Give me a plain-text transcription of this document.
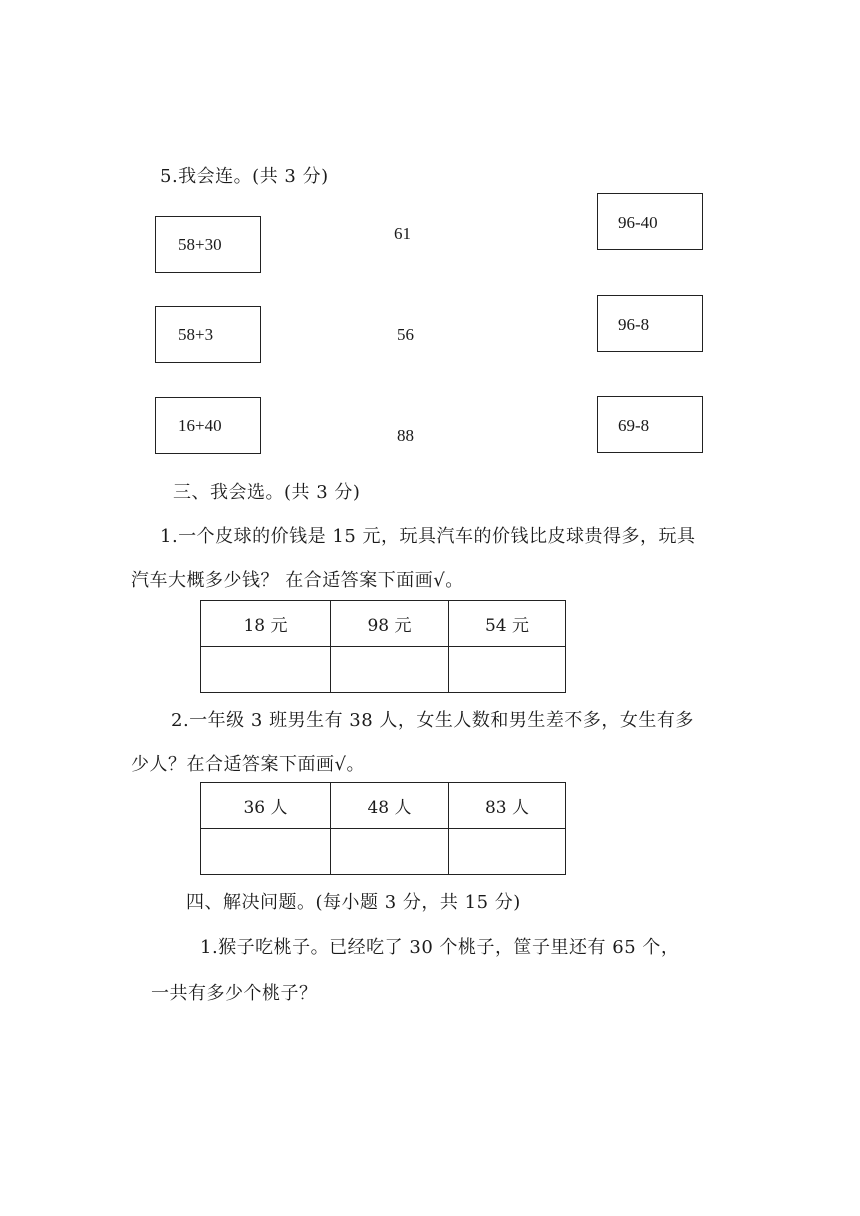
5.我会连。(共 3 分)
58+30
58+3
16+40
61
56
88
96-40
96-8
69-8
三、我会选。(共 3 分)
1.一个皮球的价钱是 15 元，玩具汽车的价钱比皮球贵得多，玩具
汽车大概多少钱？ 在合适答案下面画√。
18 元	98 元	54 元

2.一年级 3 班男生有 38 人，女生人数和男生差不多，女生有多
少人？在合适答案下面画√。
36 人	48 人	83 人

四、解决问题。(每小题 3 分，共 15 分)
1.猴子吃桃子。已经吃了 30 个桃子，筐子里还有 65 个，
一共有多少个桃子？
